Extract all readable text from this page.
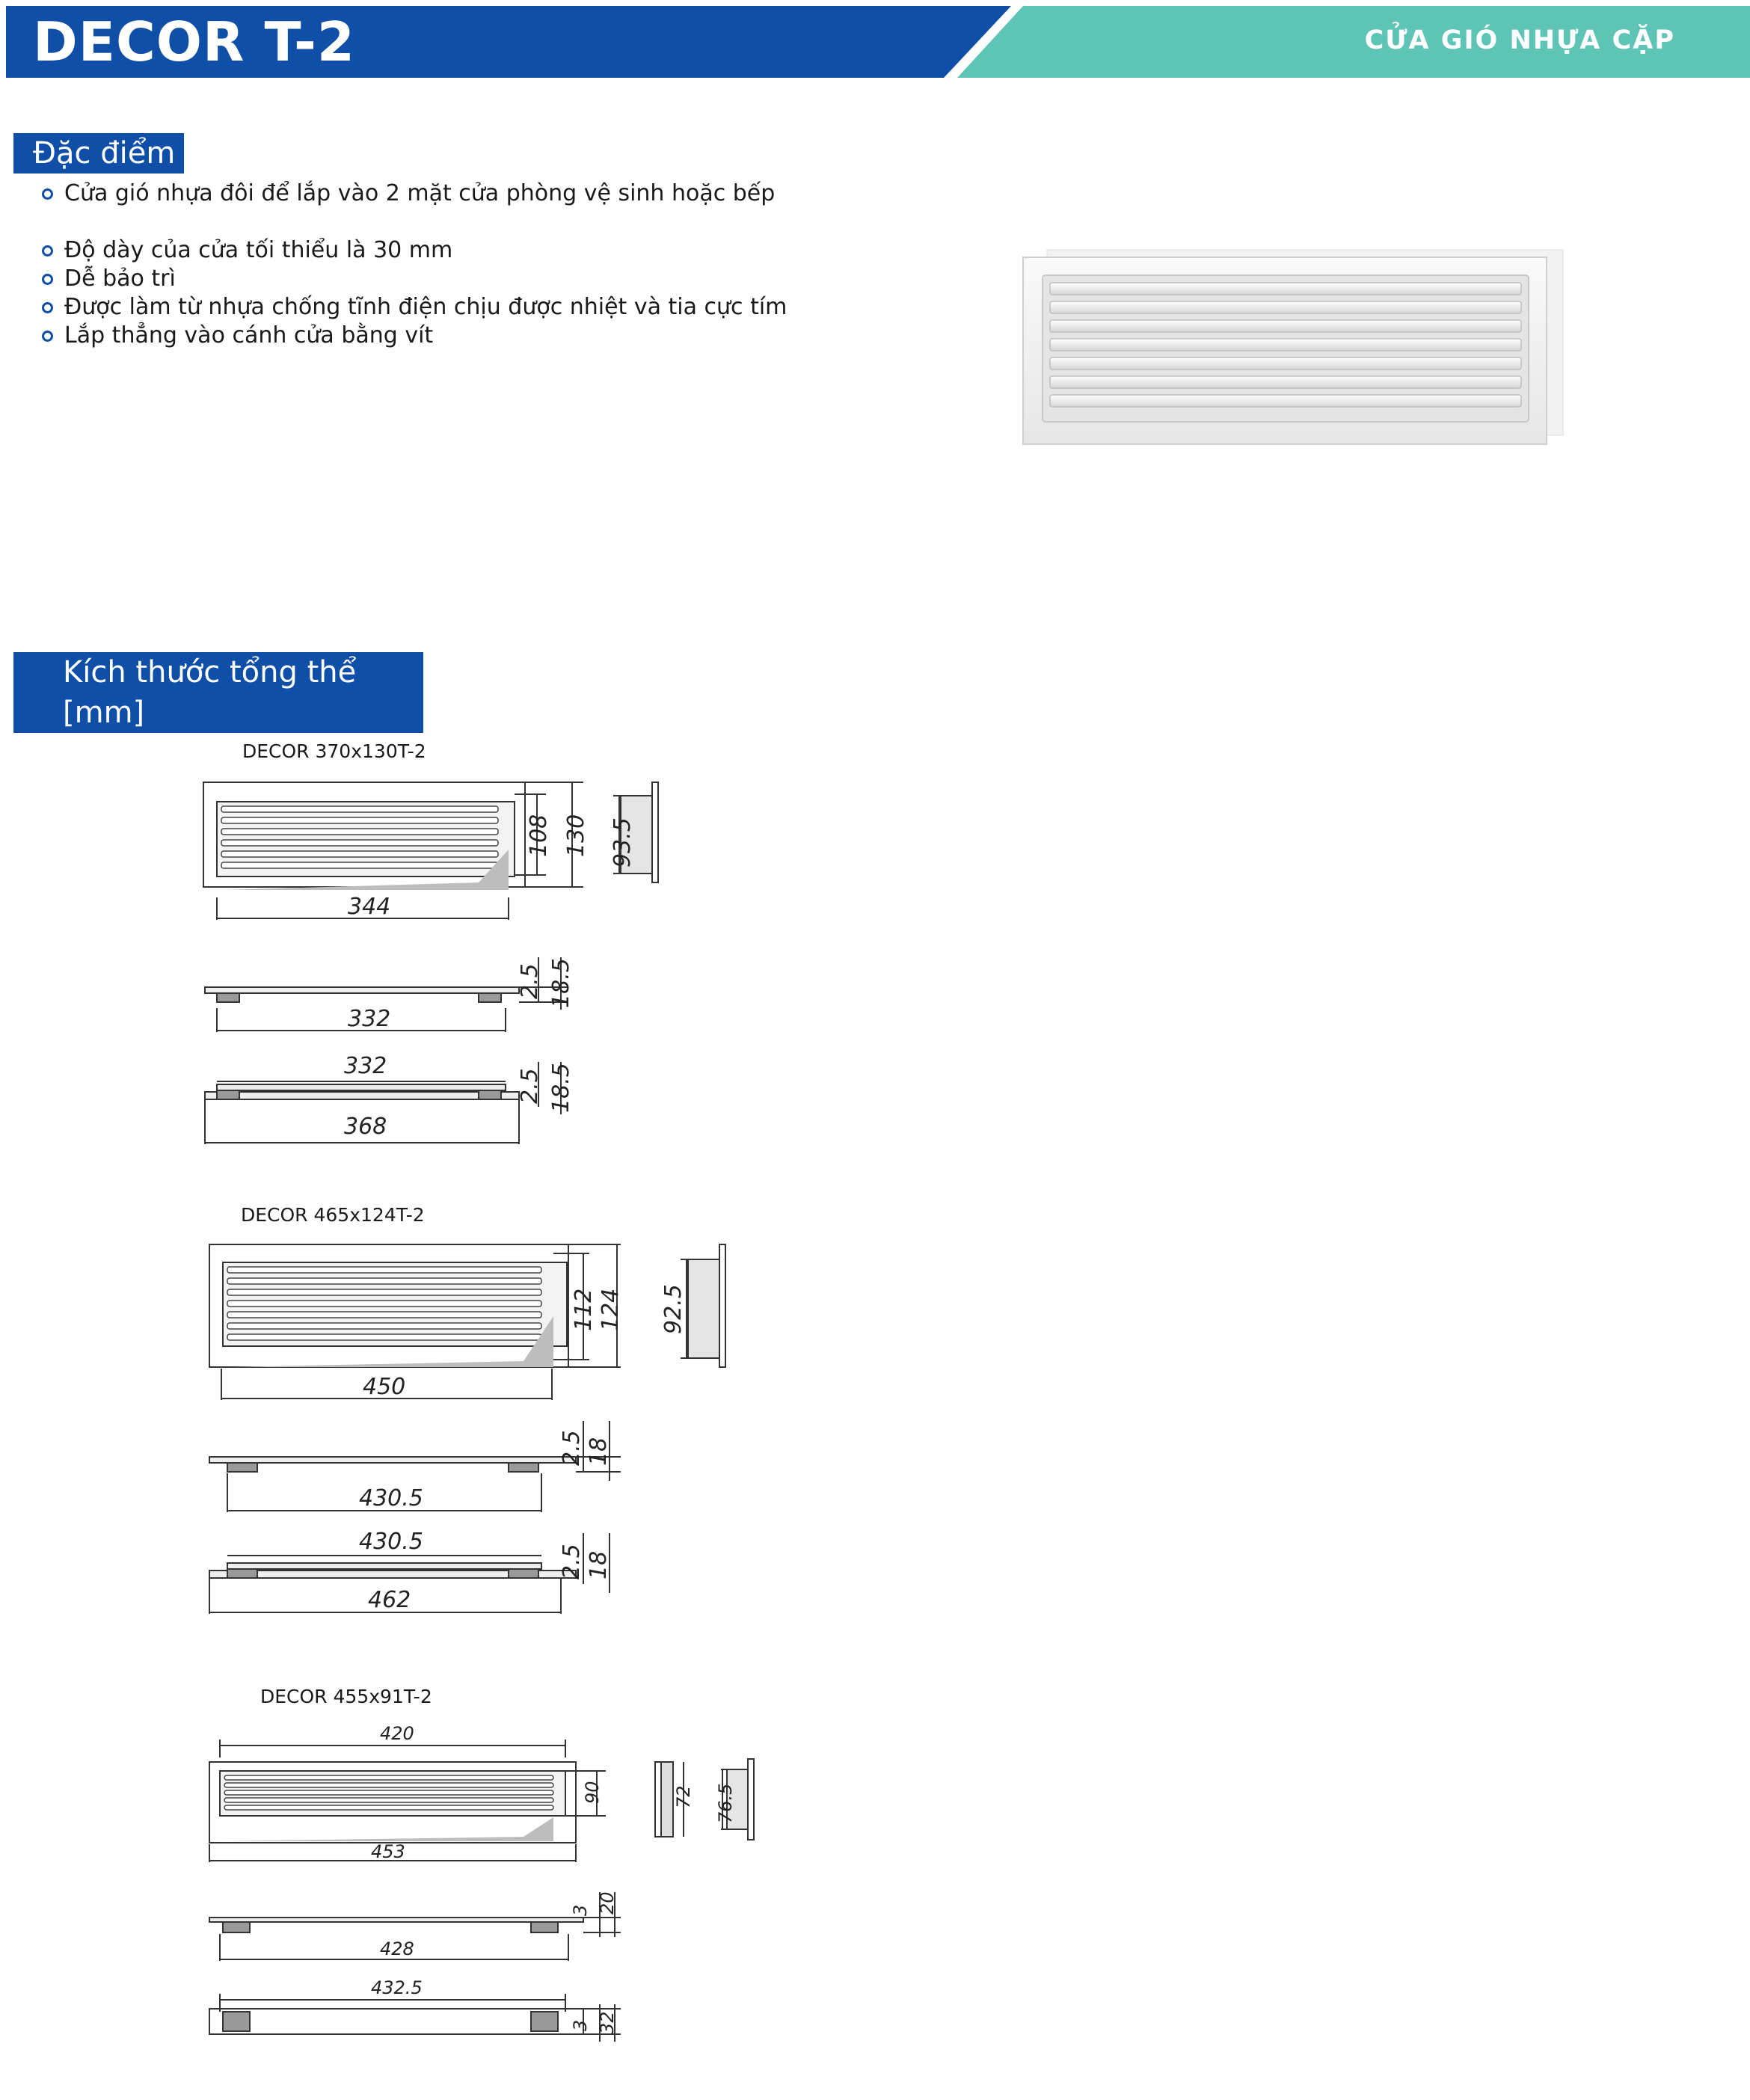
DECOR T-2	CỬA GIÓ NHỰA CẶP
Đặc điểm
Cửa gió nhựa đôi để lắp vào 2 mặt cửa phòng vệ sinh hoặc bếp
Độ dày của cửa tối thiểu là 30 mm
Dễ bảo trì
Được làm từ nhựa chống tĩnh điện chịu được nhiệt và tia cực tím
Lắp thẳng vào cánh cửa bằng vít
Kích thước tổng thể [mm]
DECOR 370x130T-2
344
108 130 93.5
332
2.5 18.5
332
368
2.5 18.5
DECOR 465x124T-2
450
112 124 92.5
430.5
2.5 18
430.5
462
2.5 18
DECOR 455x91T-2
420
453
90	72 76.5
428
3 20
432.5
3 32
